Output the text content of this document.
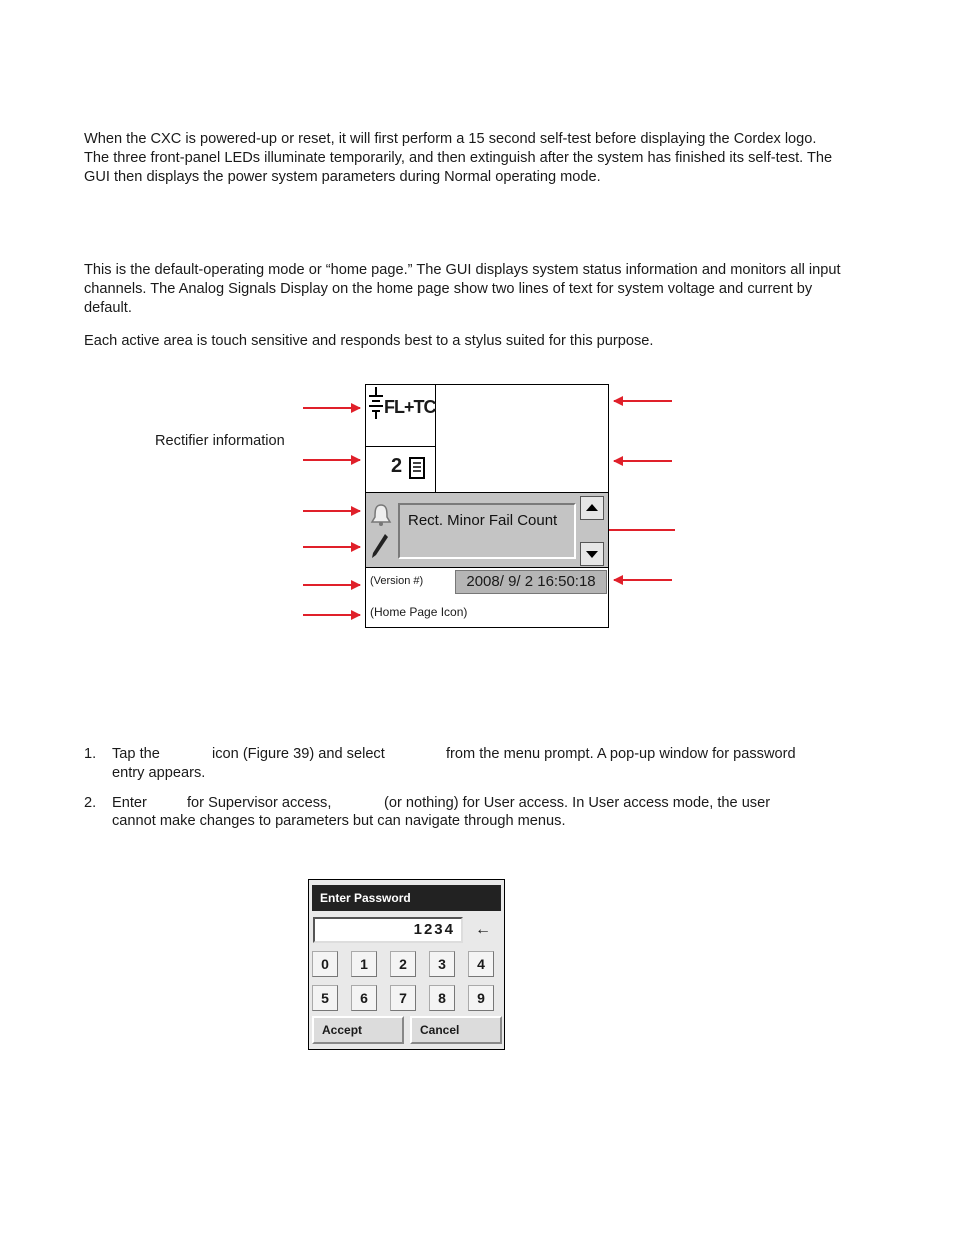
When the CXC is powered-up or reset, it will first perform a 15 second self-test before displaying the Cordex logo. The three front-panel LEDs illuminate temporarily, and then extinguish after the system has finished its self-test. The GUI then displays the power system parameters during Normal operating mode.

This is the default-operating mode or “home page.” The GUI displays system status information and monitors all input channels. The Analog Signals Display on the home page show two lines of text for system voltage and current by default.

Each active area is touch sensitive and responds best to a stylus suited for this purpose.

Rectifier information
FL+TC
2
Rect. Minor Fail Count
(Version #)	2008/ 9/ 2 16:50:18
(Home Page Icon)
1. Tap the	icon (Figure 39) and select	from the menu prompt. A pop-up window for password
entry appears.
2. Enter	for Supervisor access,	(or nothing) for User access. In User access mode, the user
cannot make changes to parameters but can navigate through menus.
Enter Password
1234	←
0	1	2	3	4
5	6	7	8	9
Accept	Cancel
